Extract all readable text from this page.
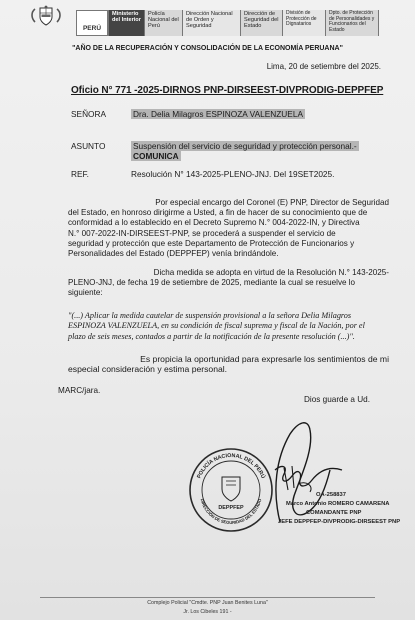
PERÚ
Ministerio del Interior
Policía Nacional del Perú
Dirección Nacional de Orden y Seguridad
Dirección de Seguridad del Estado
División de Protección de Dignatarios
Dpto. de Protección de Personalidades y Funcionarios del Estado
"AÑO DE LA RECUPERACIÓN Y CONSOLIDACIÓN DE LA ECONOMÍA PERUANA"
Lima, 20 de setiembre del 2025.
Oficio N° 771 -2025-DIRNOS PNP-DIRSEEST-DIVPRODIG-DEPPFEP
SEÑORA	Dra. Delia Milagros ESPINOZA VALENZUELA
ASUNTO	Suspensión del servicio de seguridad y protección personal.-
COMUNICA
REF.	Resolución N° 143-2025-PLENO-JNJ. Del 19SET2025.
Por especial encargo del Coronel (E) PNP, Director de Seguridad
del Estado, en honroso dirigirme a Usted, a fin de hacer de su conocimiento que de
conformidad a lo establecido en el Decreto Supremo N.° 004-2022-IN, y Directiva
N.° 007-2022-IN-DIRSEEST-PNP, se procederá a suspender el servicio de
seguridad y protección que este Departamento de Protección de Funcionarios y
Personalidades del Estado (DEPPFEP) venía brindándole.
Dicha medida se adopta en virtud de la Resolución N.° 143-2025-
PLENO-JNJ, de fecha 19 de setiembre de 2025, mediante la cual se resuelve lo
siguiente:
"(...) Aplicar la medida cautelar de suspensión provisional a la señora Delia Milagros
ESPINOZA VALENZUELA, en su condición de fiscal suprema y fiscal de la Nación, por el
plazo de seis meses, contados a partir de la notificación de la presente resolución (...)".
Es propicia la oportunidad para expresarle los sentimientos de mi
especial consideración y estima personal.
MARC/jara.
Dios guarde a Ud.
POLICÍA NACIONAL DEL PERÚ
DIRECCIÓN DE SEGURIDAD DEL ESTADO
DEPPFEP
OA-258837
Marco Antonio ROMERO CAMARENA
COMANDANTE PNP
JEFE DEPPFEP-DIVPRODIG-DIRSEEST PNP
Complejo Policial "Cmdte. PNP Juan Benites Luna"
Jr. Los Cibeles 191 -
